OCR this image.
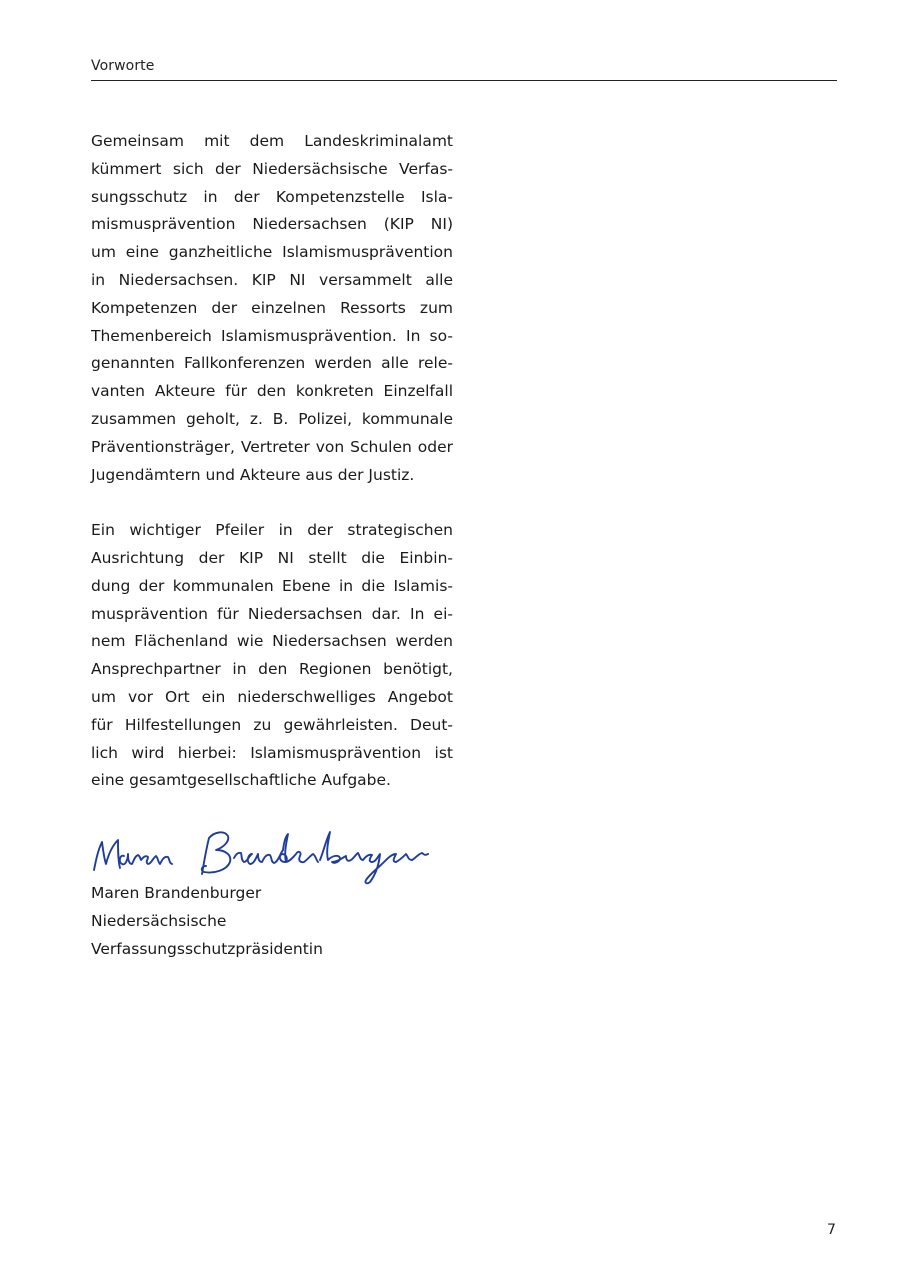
Vorworte
Gemeinsam mit dem Landeskriminalamt
kümmert sich der Niedersächsische Verfas-
sungsschutz in der Kompetenzstelle Isla-
mismusprävention Niedersachsen (KIP NI)
um eine ganzheitliche Islamismusprävention
in Niedersachsen. KIP NI versammelt alle
Kompetenzen der einzelnen Ressorts zum
Themenbereich Islamismusprävention. In so-
genannten Fallkonferenzen werden alle rele-
vanten Akteure für den konkreten Einzelfall
zusammen geholt, z. B. Polizei, kommunale
Präventionsträger, Vertreter von Schulen oder
Jugendämtern und Akteure aus der Justiz.
Ein wichtiger Pfeiler in der strategischen
Ausrichtung der KIP NI stellt die Einbin-
dung der kommunalen Ebene in die Islamis-
musprävention für Niedersachsen dar. In ei-
nem Flächenland wie Niedersachsen werden
Ansprechpartner in den Regionen benötigt,
um vor Ort ein niederschwelliges Angebot
für Hilfestellungen zu gewährleisten. Deut-
lich wird hierbei: Islamismusprävention ist
eine gesamtgesellschaftliche Aufgabe.
Maren Brandenburger
Niedersächsische
Verfassungsschutzpräsidentin
7
